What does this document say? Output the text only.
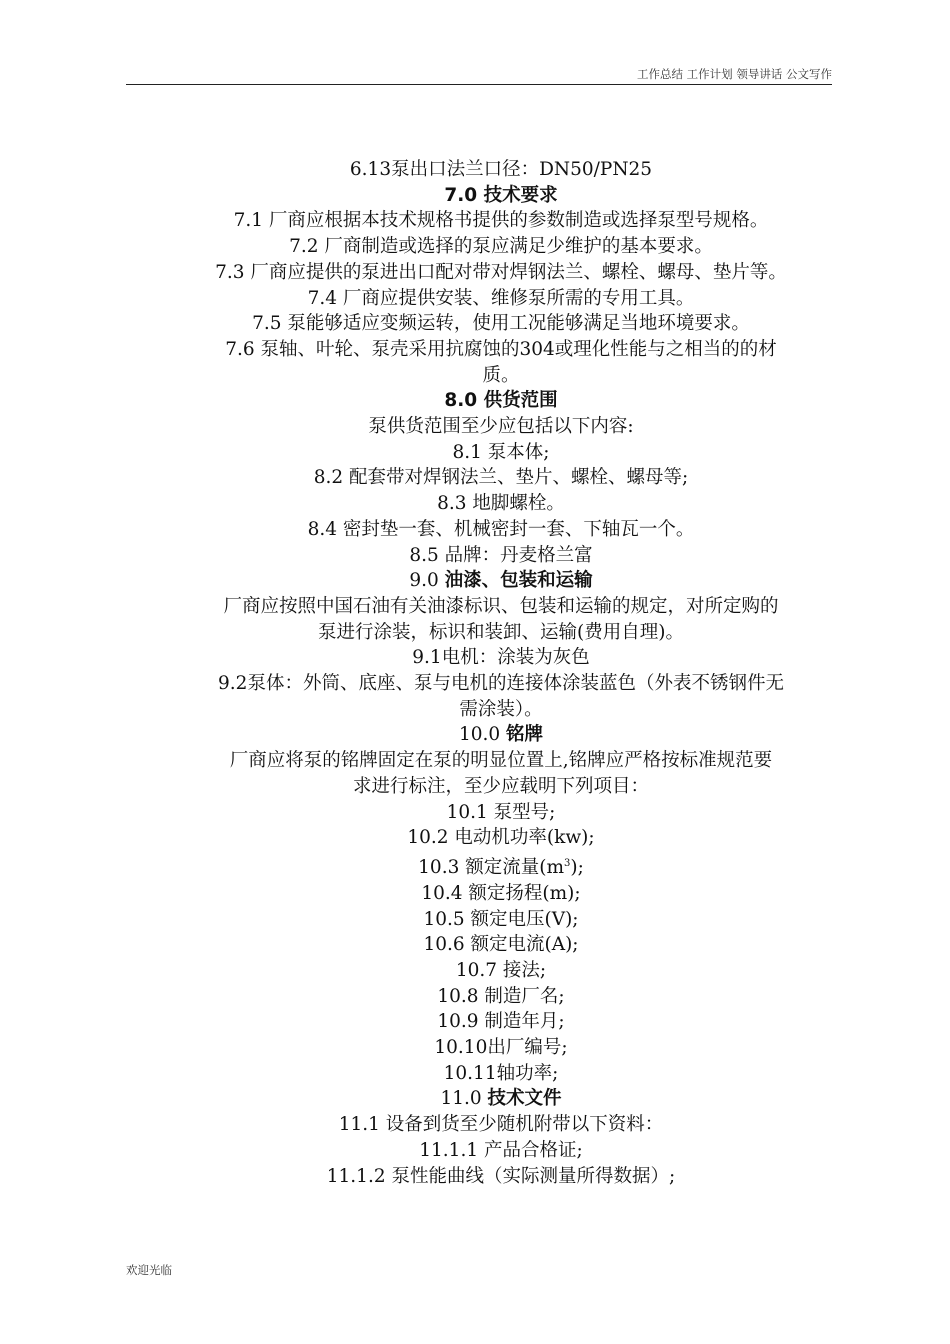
工作总结 工作计划 领导讲话 公文写作
6.13泵出口法兰口径：DN50/PN25
7.0 技术要求
7.1 厂商应根据本技术规格书提供的参数制造或选择泵型号规格。
7.2 厂商制造或选择的泵应满足少维护的基本要求。
7.3 厂商应提供的泵进出口配对带对焊钢法兰、螺栓、螺母、垫片等。
7.4 厂商应提供安装、维修泵所需的专用工具。
7.5 泵能够适应变频运转，使用工况能够满足当地环境要求。
7.6 泵轴、叶轮、泵壳采用抗腐蚀的304或理化性能与之相当的的材
质。
8.0 供货范围
泵供货范围至少应包括以下内容:
8.1 泵本体;
8.2 配套带对焊钢法兰、垫片、螺栓、螺母等;
8.3 地脚螺栓。
8.4 密封垫一套、机械密封一套、下轴瓦一个。
8.5 品牌：丹麦格兰富
9.0 油漆、包装和运输
厂商应按照中国石油有关油漆标识、包装和运输的规定，对所定购的
泵进行涂装，标识和装卸、运输(费用自理)。
9.1电机：涂装为灰色
9.2泵体：外筒、底座、泵与电机的连接体涂装蓝色（外表不锈钢件无
需涂装）。
10.0 铭牌
厂商应将泵的铭牌固定在泵的明显位置上,铭牌应严格按标准规范要
求进行标注，至少应载明下列项目：
10.1 泵型号;
10.2 电动机功率(kw);
10.3 额定流量$(m^3)$;
10.4 额定扬程(m);
10.5 额定电压(V);
10.6 额定电流(A);
10.7 接法;
10.8 制造厂名;
10.9 制造年月;
10.10出厂编号;
10.11轴功率;
11.0 技术文件
11.1 设备到货至少随机附带以下资料：
11.1.1 产品合格证;
11.1.2 泵性能曲线（实际测量所得数据）;
欢迎光临
